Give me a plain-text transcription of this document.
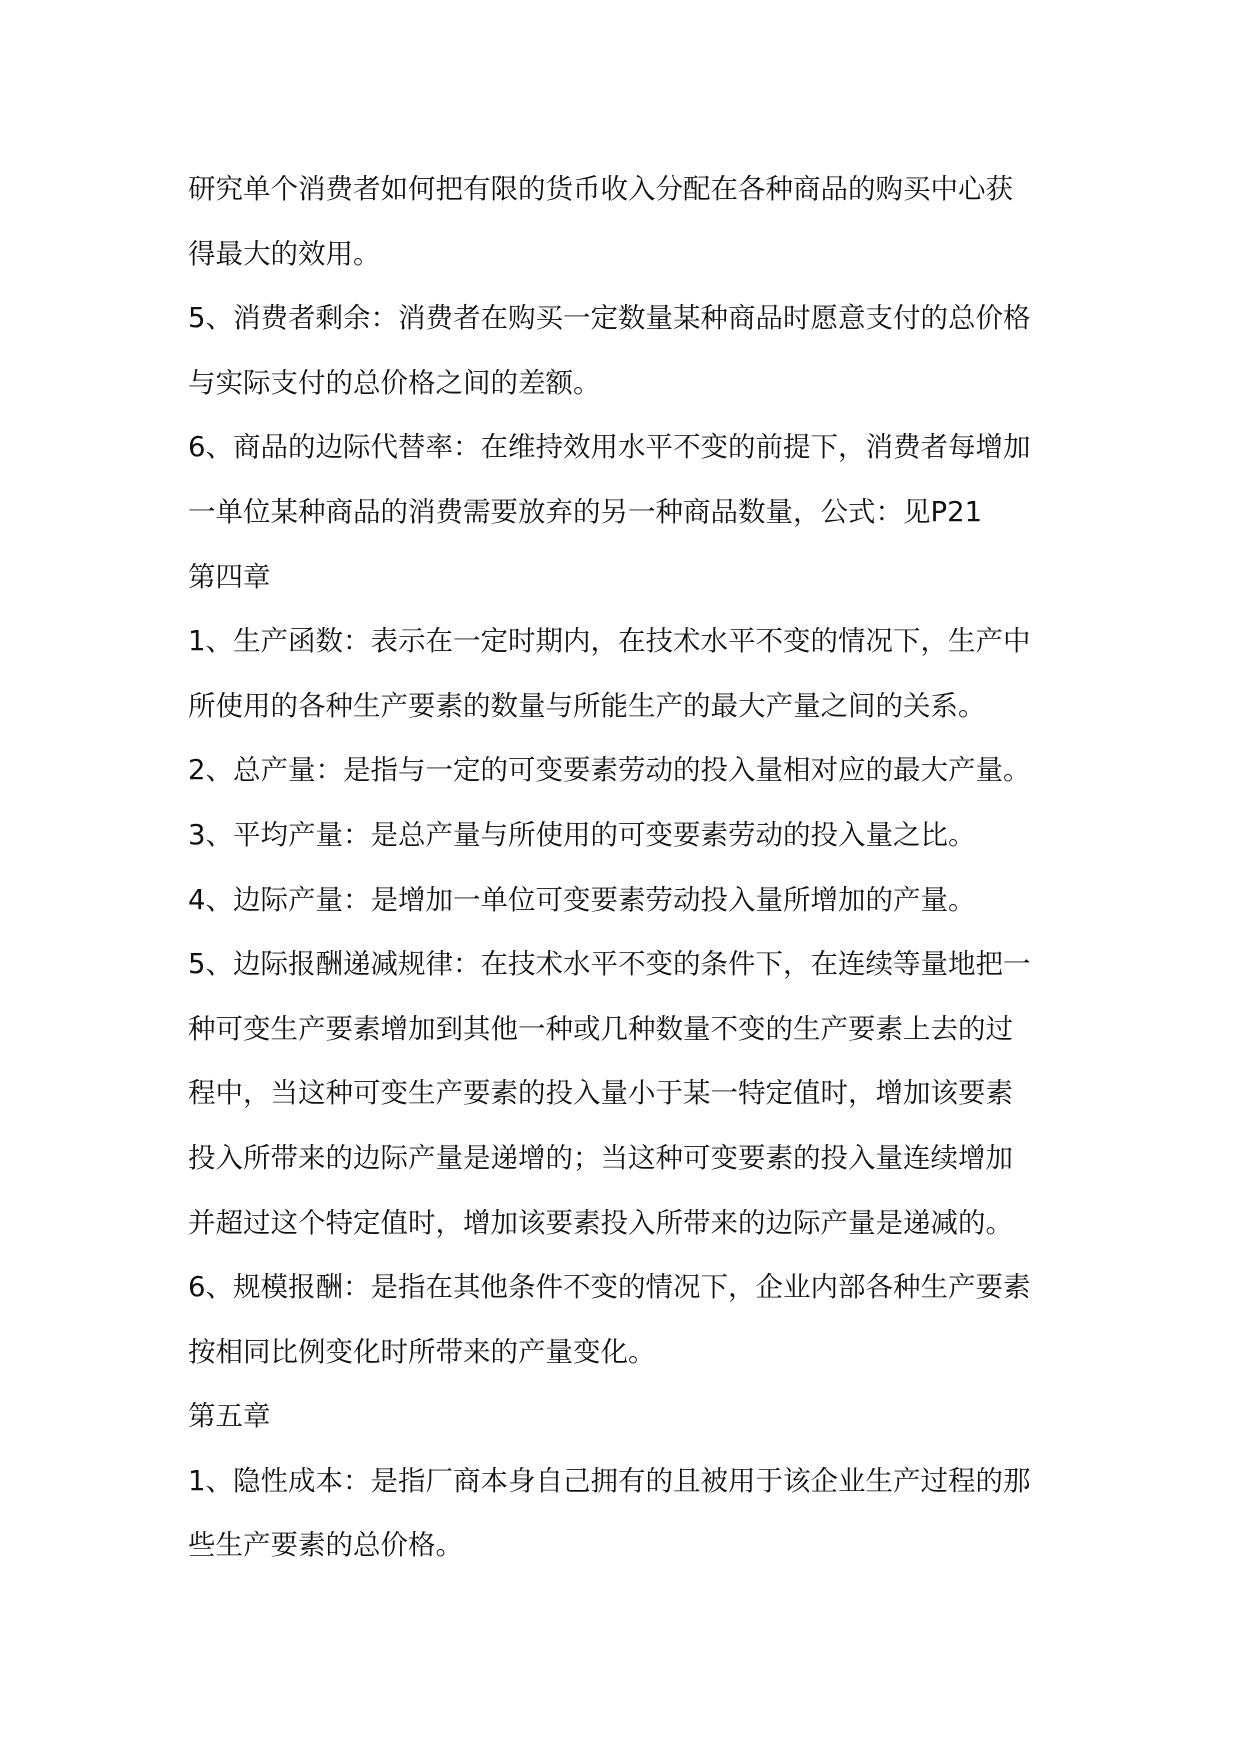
研究单个消费者如何把有限的货币收入分配在各种商品的购买中心获
得最大的效用。
5、消费者剩余：消费者在购买一定数量某种商品时愿意支付的总价格
与实际支付的总价格之间的差额。
6、商品的边际代替率：在维持效用水平不变的前提下，消费者每增加
一单位某种商品的消费需要放弃的另一种商品数量，公式：见P21
第四章
1、生产函数：表示在一定时期内，在技术水平不变的情况下，生产中
所使用的各种生产要素的数量与所能生产的最大产量之间的关系。
2、总产量：是指与一定的可变要素劳动的投入量相对应的最大产量。
3、平均产量：是总产量与所使用的可变要素劳动的投入量之比。
4、边际产量：是增加一单位可变要素劳动投入量所增加的产量。
5、边际报酬递减规律：在技术水平不变的条件下，在连续等量地把一
种可变生产要素增加到其他一种或几种数量不变的生产要素上去的过
程中，当这种可变生产要素的投入量小于某一特定值时，增加该要素
投入所带来的边际产量是递增的；当这种可变要素的投入量连续增加
并超过这个特定值时，增加该要素投入所带来的边际产量是递减的。
6、规模报酬：是指在其他条件不变的情况下，企业内部各种生产要素
按相同比例变化时所带来的产量变化。
第五章
1、隐性成本：是指厂商本身自己拥有的且被用于该企业生产过程的那
些生产要素的总价格。
